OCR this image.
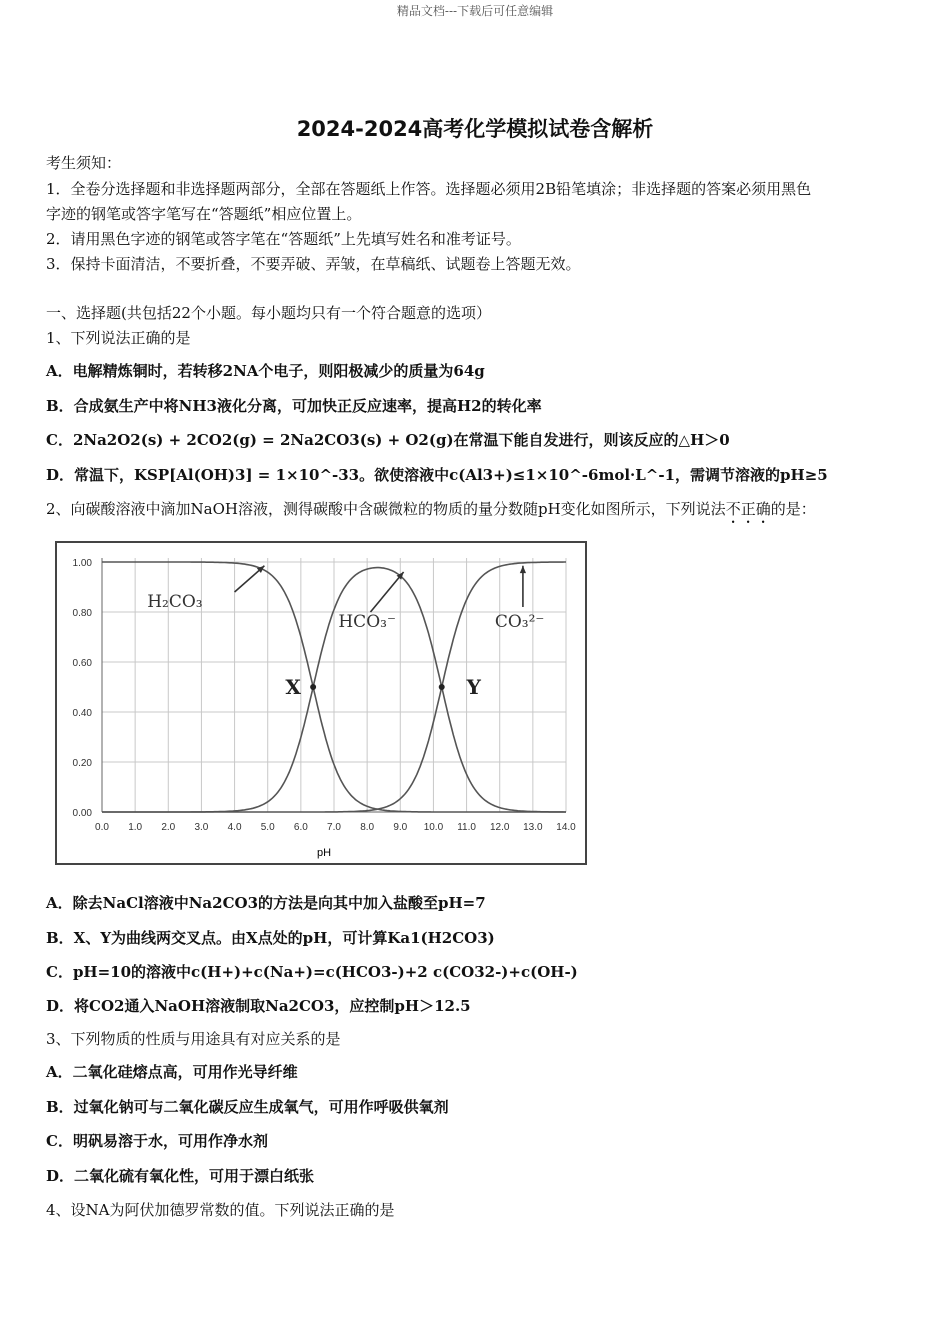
精品文档---下载后可任意编辑
2024-2024高考化学模拟试卷含解析
考生须知：
1．全卷分选择题和非选择题两部分，全部在答题纸上作答。选择题必须用2B铅笔填涂；非选择题的答案必须用黑色
字迹的钢笔或答字笔写在“答题纸”相应位置上。
2．请用黑色字迹的钢笔或答字笔在“答题纸”上先填写姓名和准考证号。
3．保持卡面清洁，不要折叠，不要弄破、弄皱，在草稿纸、试题卷上答题无效。
一、选择题(共包括22个小题。每小题均只有一个符合题意的选项）
1、下列说法正确的是
A．电解精炼铜时，若转移2NA个电子，则阳极减少的质量为64g
B．合成氨生产中将NH3液化分离，可加快正反应速率，提高H2的转化率
C．2Na2O2(s) + 2CO2(g) = 2Na2CO3(s) + O2(g)在常温下能自发进行，则该反应的△H＞0
D．常温下，KSP[Al(OH)3] = 1×10^-33。欲使溶液中c(Al3+)≤1×10^-6mol·L^-1，需调节溶液的pH≥5
2、向碳酸溶液中滴加NaOH溶液，测得碳酸中含碳微粒的物质的量分数随pH变化如图所示，下列说法不正确的是：
0.0 1.0 2.0 3.0 4.0 5.0 6.0 7.0 8.0 9.0 10.0 11.0 12.0 13.0 14.0
0.00
0.20
0.40
0.60
0.80
1.00
H₂CO₃
HCO₃⁻	CO₃²⁻
X	Y
pH
A．除去NaCl溶液中Na2CO3的方法是向其中加入盐酸至pH=7
B．X、Y为曲线两交叉点。由X点处的pH，可计算Ka1(H2CO3)
C．pH=10的溶液中c(H+)+c(Na+)=c(HCO3-)+2 c(CO32-)+c(OH-)
D．将CO2通入NaOH溶液制取Na2CO3，应控制pH＞12.5
3、下列物质的性质与用途具有对应关系的是
A．二氧化硅熔点高，可用作光导纤维
B．过氧化钠可与二氧化碳反应生成氧气，可用作呼吸供氧剂
C．明矾易溶于水，可用作净水剂
D．二氧化硫有氧化性，可用于漂白纸张
4、设NA为阿伏加德罗常数的值。下列说法正确的是
